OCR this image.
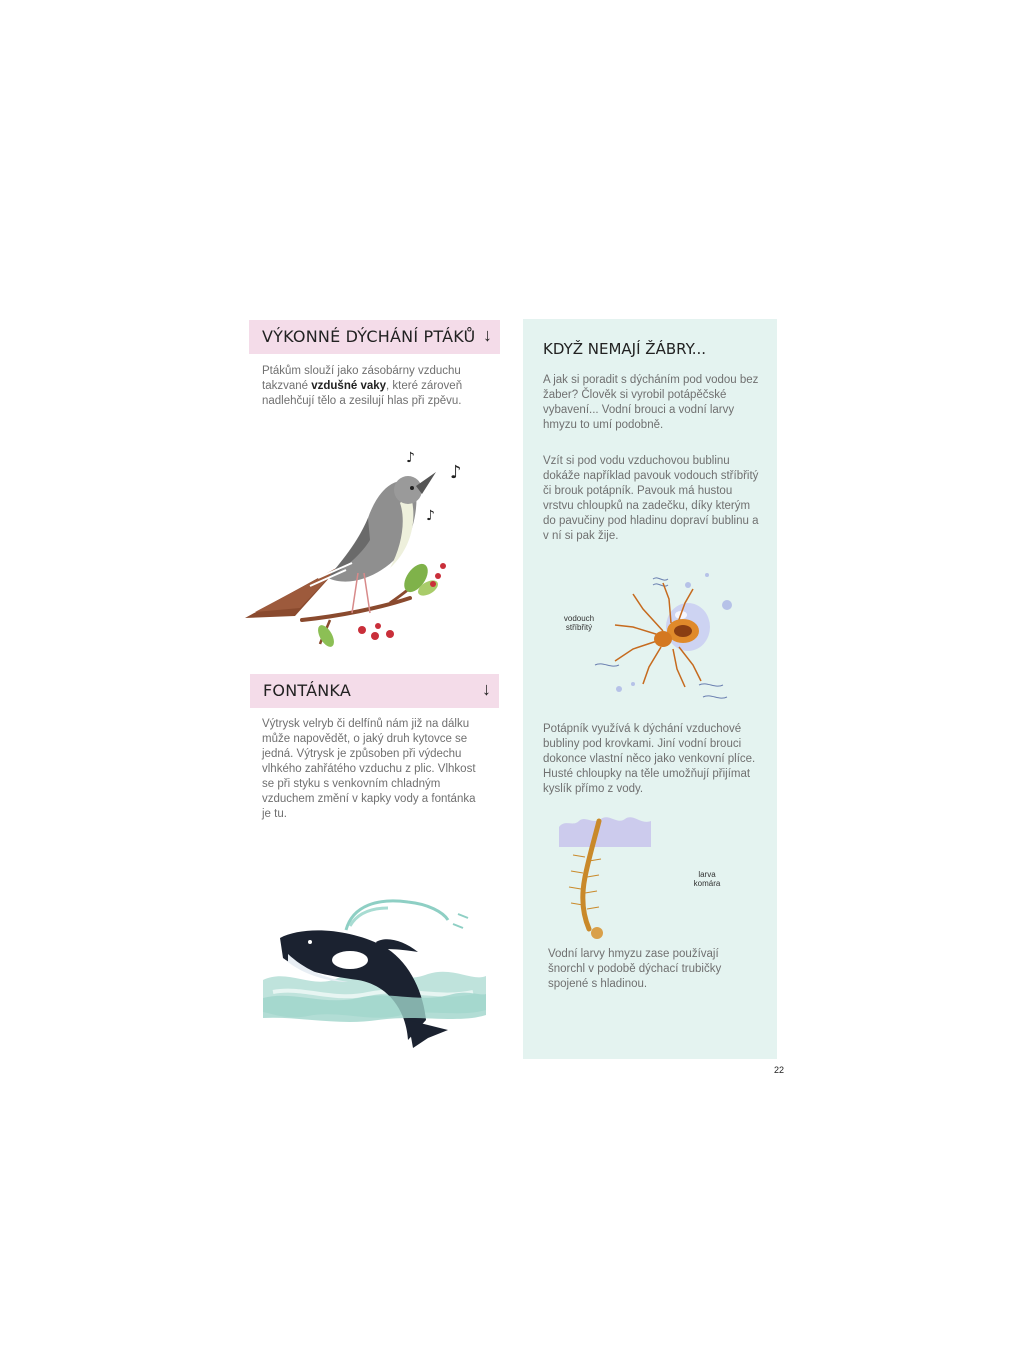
VÝKONNÉ DÝCHÁNÍ PTÁKŮ ↓
Ptákům slouží jako zásobárny vzduchu takzvané vzdušné vaky, které zároveň nadlehčují tělo a zesilují hlas při zpěvu.
♪
♪
♪
FONTÁNKA	↓
Výtrysk velryb či delfínů nám již na dálku může napovědět, o jaký druh kytovce se jedná. Výtrysk je způsoben při výdechu vlhkého zahřátého vzduchu z plic. Vlhkost se při styku s venkovním chladným vzduchem změní v kapky vody a fontánka je tu.
KDYŽ NEMAJÍ ŽÁBRY...
A jak si poradit s dýcháním pod vodou bez žaber? Člověk si vyrobil potápěčské vybavení... Vodní brouci a vodní larvy hmyzu to umí podobně.
Vzít si pod vodu vzduchovou bublinu dokáže například pavouk vodouch stříbřitý či brouk potápník. Pavouk má hustou vrstvu chloupků na zadečku, díky kterým do pavučiny pod hladinu dopraví bublinu a v ní si pak žije.
vodouch
stříbřitý
Potápník využívá k dýchání vzduchové bubliny pod krovkami. Jiní vodní brouci dokonce vlastní něco jako venkovní plíce. Husté chloupky na těle umožňují přijímat kyslík přímo z vody.
larva
komára
Vodní larvy hmyzu zase používají šnorchl v podobě dýchací trubičky spojené s hladinou.
22
